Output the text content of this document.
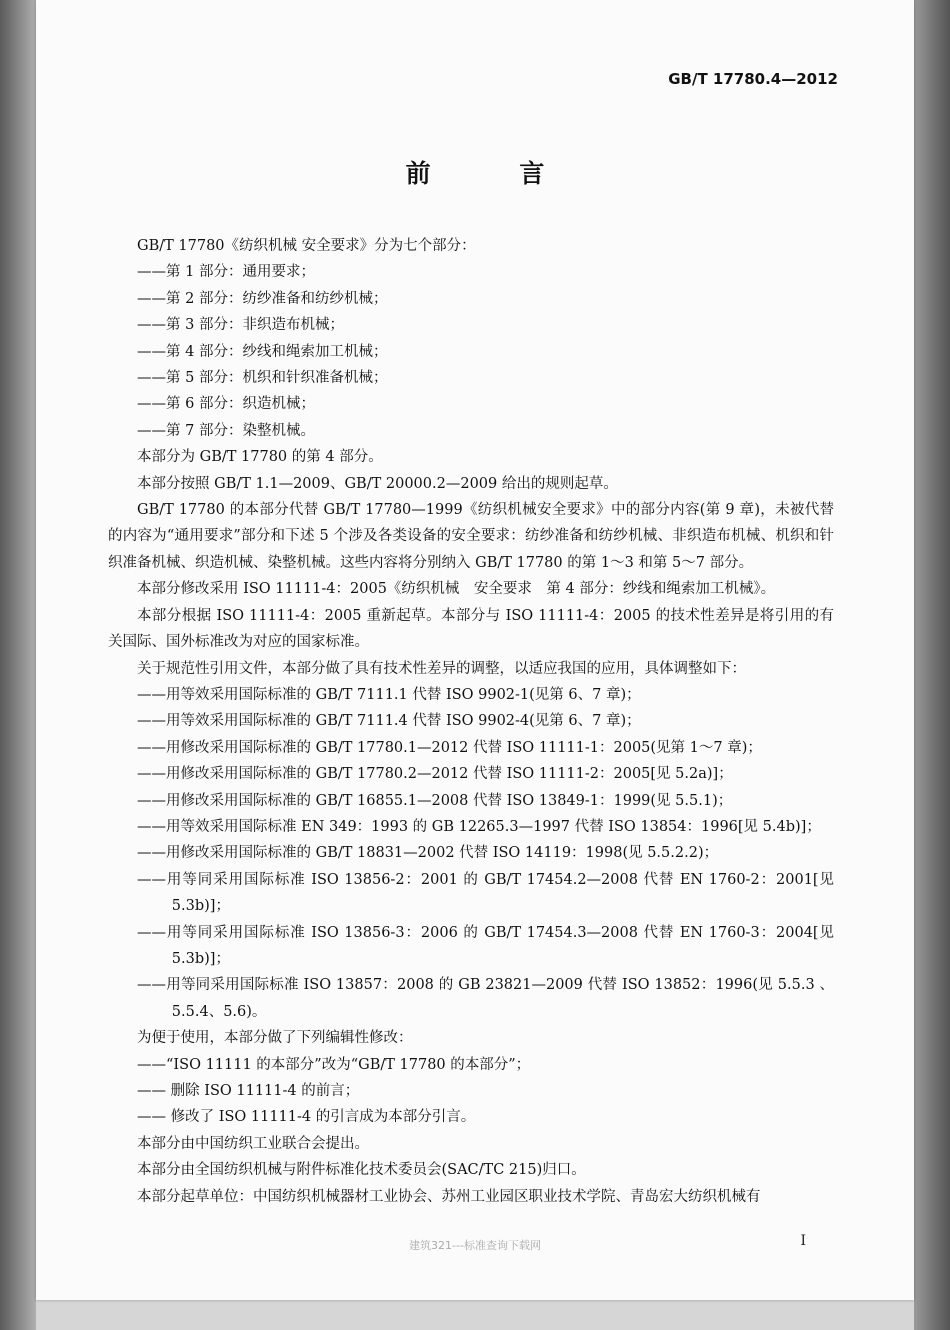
GB/T 17780.4—2012
前 言

GB/T 17780《纺织机械 安全要求》分为七个部分：

——第 1 部分：通用要求；

——第 2 部分：纺纱准备和纺纱机械；

——第 3 部分：非织造布机械；

——第 4 部分：纱线和绳索加工机械；

——第 5 部分：机织和针织准备机械；

——第 6 部分：织造机械；

——第 7 部分：染整机械。

本部分为 GB/T 17780 的第 4 部分。

本部分按照 GB/T 1.1—2009、GB/T 20000.2—2009 给出的规则起草。

GB/T 17780 的本部分代替 GB/T 17780—1999《纺织机械安全要求》中的部分内容(第 9 章)，未被代替的内容为“通用要求”部分和下述 5 个涉及各类设备的安全要求：纺纱准备和纺纱机械、非织造布机械、机织和针织准备机械、织造机械、染整机械。这些内容将分别纳入 GB/T 17780 的第 1～3 和第 5～7 部分。

本部分修改采用 ISO 11111-4：2005《纺织机械　安全要求　第 4 部分：纱线和绳索加工机械》。

本部分根据 ISO 11111-4：2005 重新起草。本部分与 ISO 11111-4：2005 的技术性差异是将引用的有关国际、国外标准改为对应的国家标准。

关于规范性引用文件，本部分做了具有技术性差异的调整，以适应我国的应用，具体调整如下：

——用等效采用国际标准的 GB/T 7111.1 代替 ISO 9902-1(见第 6、7 章)；

——用等效采用国际标准的 GB/T 7111.4 代替 ISO 9902-4(见第 6、7 章)；

——用修改采用国际标准的 GB/T 17780.1—2012 代替 ISO 11111-1：2005(见第 1～7 章)；

——用修改采用国际标准的 GB/T 17780.2—2012 代替 ISO 11111-2：2005[见 5.2a)]；

——用修改采用国际标准的 GB/T 16855.1—2008 代替 ISO 13849-1：1999(见 5.5.1)；

——用等效采用国际标准 EN 349：1993 的 GB 12265.3—1997 代替 ISO 13854：1996[见 5.4b)]；

——用修改采用国际标准的 GB/T 18831—2002 代替 ISO 14119：1998(见 5.5.2.2)；

——用等同采用国际标准 ISO 13856-2：2001 的 GB/T 17454.2—2008 代替 EN 1760-2：2001[见 5.3b)]；

——用等同采用国际标准 ISO 13856-3：2006 的 GB/T 17454.3—2008 代替 EN 1760-3：2004[见 5.3b)]；

——用等同采用国际标准 ISO 13857：2008 的 GB 23821—2009 代替 ISO 13852：1996(见 5.5.3 、5.5.4、5.6)。

为便于使用，本部分做了下列编辑性修改：

——“ISO 11111 的本部分”改为“GB/T 17780 的本部分”；

—— 删除 ISO 11111-4 的前言；

—— 修改了 ISO 11111-4 的引言成为本部分引言。

本部分由中国纺织工业联合会提出。

本部分由全国纺织机械与附件标准化技术委员会(SAC/TC 215)归口。

本部分起草单位：中国纺织机械器材工业协会、苏州工业园区职业技术学院、青岛宏大纺织机械有

建筑321---标准查询下载网	I
